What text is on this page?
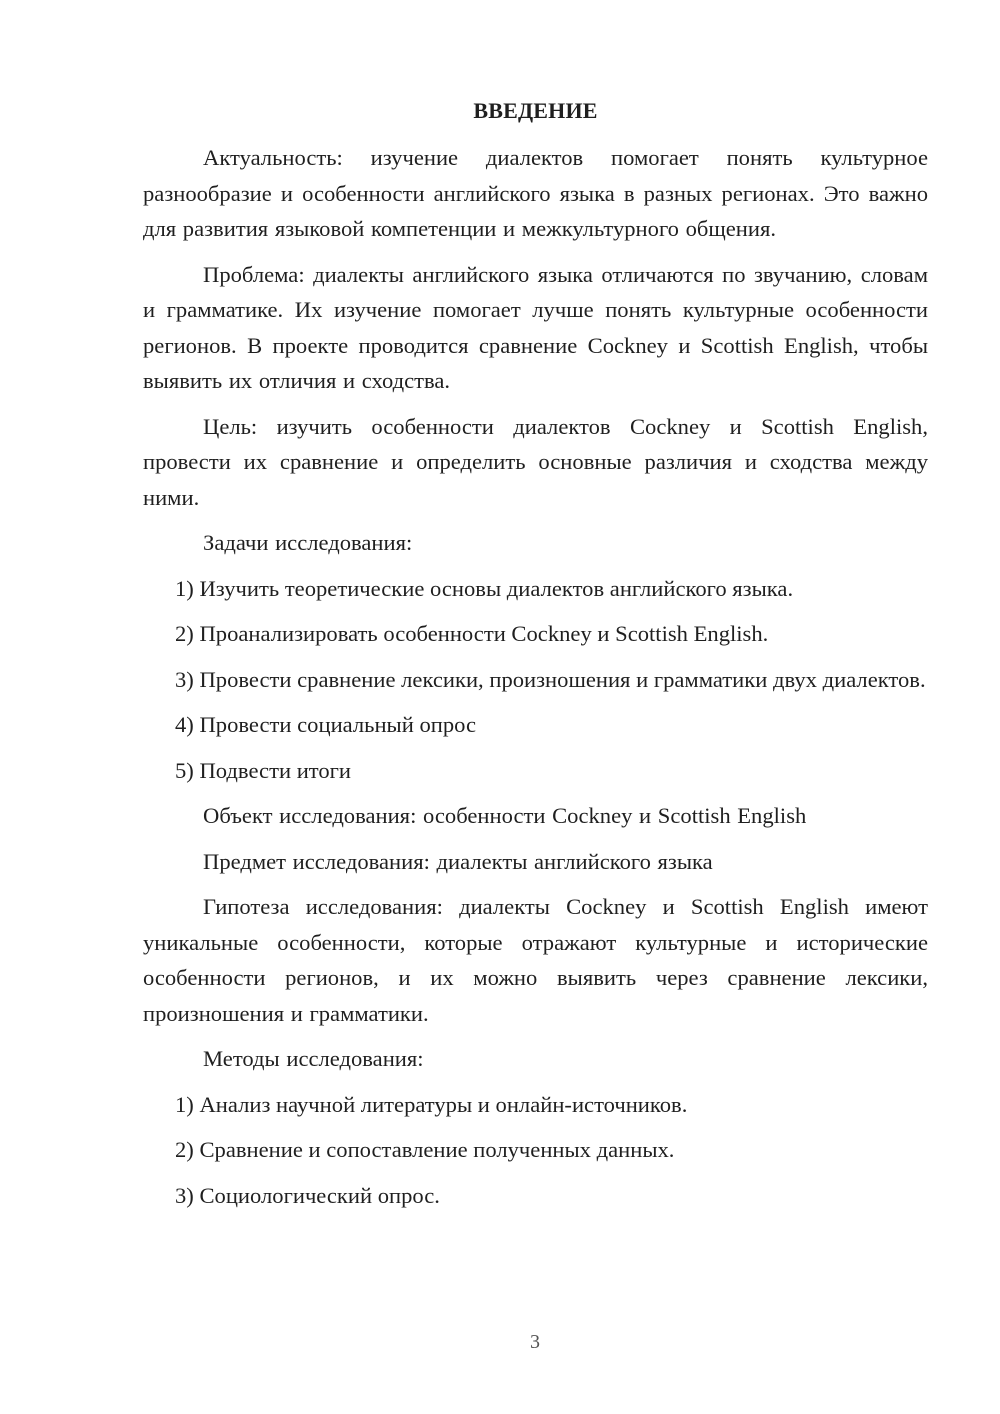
ВВЕДЕНИЕ

Актуальность: изучение диалектов помогает понять культурное разнообразие и особенности английского языка в разных регионах. Это важно для развития языковой компетенции и межкультурного общения.

Проблема: диалекты английского языка отличаются по звучанию, словам и грамматике. Их изучение помогает лучше понять культурные особенности регионов. В проекте проводится сравнение Cockney и Scottish English, чтобы выявить их отличия и сходства.

Цель: изучить особенности диалектов Cockney и Scottish English, провести их сравнение и определить основные различия и сходства между ними.

Задачи исследования:

1) Изучить теоретические основы диалектов английского языка.

2) Проанализировать особенности Cockney и Scottish English.

3) Провести сравнение лексики, произношения и грамматики двух диалектов.

4) Провести социальный опрос

5) Подвести итоги

Объект исследования: особенности Cockney и Scottish English

Предмет исследования: диалекты английского языка

Гипотеза исследования: диалекты Cockney и Scottish English имеют уникальные особенности, которые отражают культурные и исторические особенности регионов, и их можно выявить через сравнение лексики, произношения и грамматики.

Методы исследования:

1) Анализ научной литературы и онлайн-источников.

2) Сравнение и сопоставление полученных данных.

3) Социологический опрос.

3
